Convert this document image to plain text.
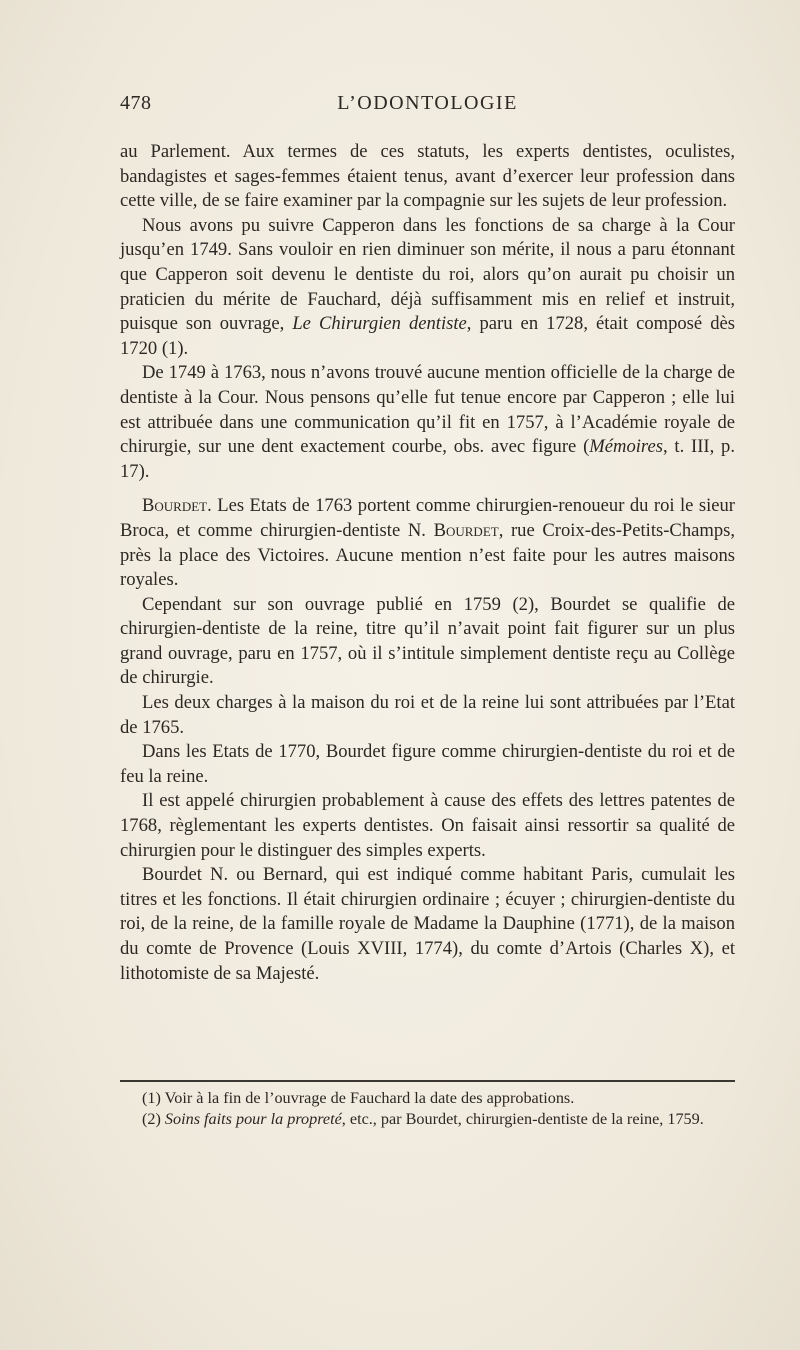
478	L’ODONTOLOGIE

au Parlement. Aux termes de ces statuts, les experts dentistes, oculistes, bandagistes et sages-femmes étaient tenus, avant d’exercer leur profession dans cette ville, de se faire examiner par la compagnie sur les sujets de leur profession.

Nous avons pu suivre Capperon dans les fonctions de sa charge à la Cour jusqu’en 1749. Sans vouloir en rien diminuer son mérite, il nous a paru étonnant que Capperon soit devenu le dentiste du roi, alors qu’on aurait pu choisir un praticien du mérite de Fauchard, déjà suffisamment mis en relief et instruit, puisque son ouvrage, Le Chirurgien dentiste, paru en 1728, était composé dès 1720 (1).

De 1749 à 1763, nous n’avons trouvé aucune mention officielle de la charge de dentiste à la Cour. Nous pensons qu’elle fut tenue encore par Capperon ; elle lui est attribuée dans une communication qu’il fit en 1757, à l’Académie royale de chirurgie, sur une dent exactement courbe, obs. avec figure (Mémoires, t. III, p. 17).

Bourdet. Les Etats de 1763 portent comme chirurgien-renoueur du roi le sieur Broca, et comme chirurgien-dentiste N. Bourdet, rue Croix-des-Petits-Champs, près la place des Victoires. Aucune mention n’est faite pour les autres maisons royales.

Cependant sur son ouvrage publié en 1759 (2), Bourdet se qualifie de chirurgien-dentiste de la reine, titre qu’il n’avait point fait figurer sur un plus grand ouvrage, paru en 1757, où il s’intitule simplement dentiste reçu au Collège de chirurgie.

Les deux charges à la maison du roi et de la reine lui sont attribuées par l’Etat de 1765.

Dans les Etats de 1770, Bourdet figure comme chirurgien-dentiste du roi et de feu la reine.

Il est appelé chirurgien probablement à cause des effets des lettres patentes de 1768, règlementant les experts dentistes. On faisait ainsi ressortir sa qualité de chirurgien pour le distinguer des simples experts.

Bourdet N. ou Bernard, qui est indiqué comme habitant Paris, cumulait les titres et les fonctions. Il était chirurgien ordinaire ; écuyer ; chirurgien-dentiste du roi, de la reine, de la famille royale de Madame la Dauphine (1771), de la maison du comte de Provence (Louis XVIII, 1774), du comte d’Artois (Charles X), et lithotomiste de sa Majesté.

(1) Voir à la fin de l’ouvrage de Fauchard la date des approbations.

(2) Soins faits pour la propreté, etc., par Bourdet, chirurgien-dentiste de la reine, 1759.
